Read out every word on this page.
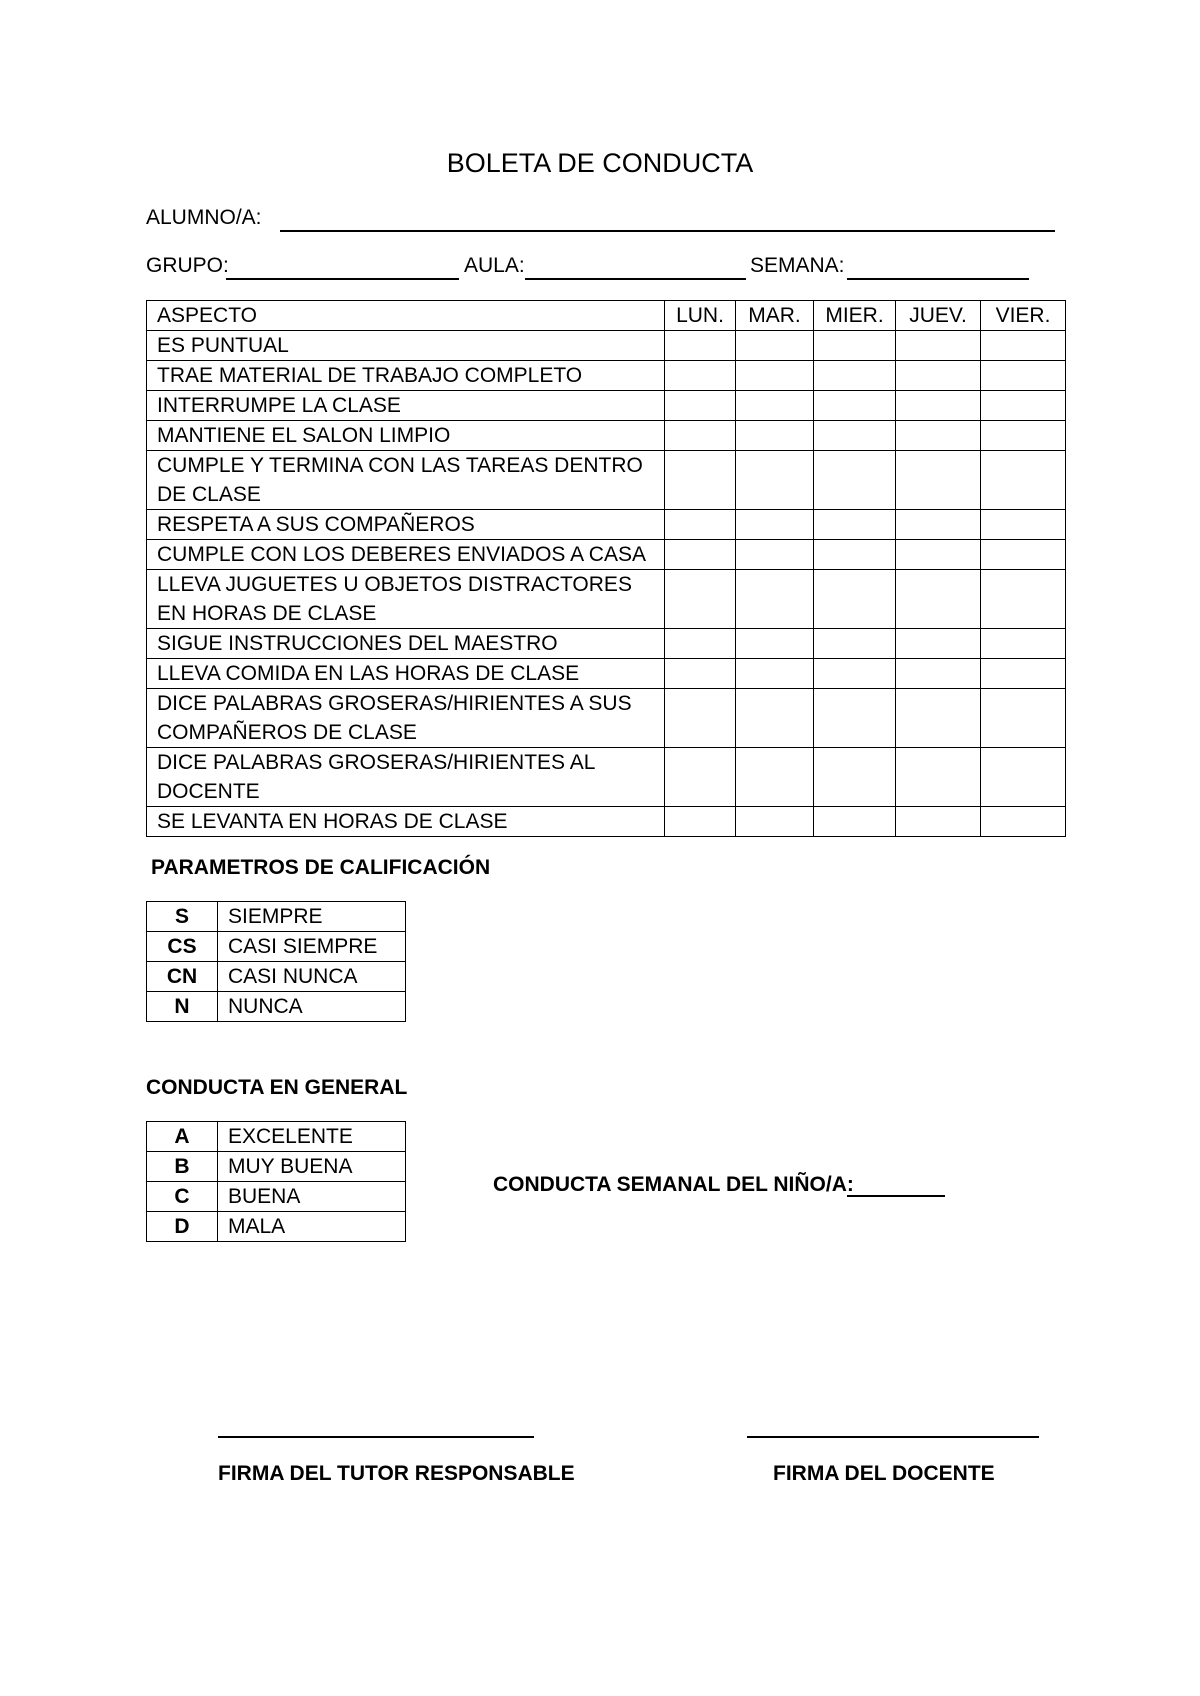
BOLETA DE CONDUCTA
ALUMNO/A:
GRUPO:	AULA:	SEMANA:
ASPECTO	LUN.	MAR.	MIER.	JUEV.	VIER.
ES PUNTUAL					
TRAE MATERIAL DE TRABAJO COMPLETO					
INTERRUMPE LA CLASE					
MANTIENE EL SALON LIMPIO					
CUMPLE Y TERMINA CON LAS TAREAS DENTRO DE CLASE					
RESPETA A SUS COMPAÑEROS					
CUMPLE CON LOS DEBERES ENVIADOS A CASA					
LLEVA JUGUETES U OBJETOS DISTRACTORES EN HORAS DE CLASE					
SIGUE INSTRUCCIONES DEL MAESTRO					
LLEVA COMIDA EN LAS HORAS DE CLASE					
DICE PALABRAS GROSERAS/HIRIENTES A SUS COMPAÑEROS DE CLASE					
DICE PALABRAS GROSERAS/HIRIENTES AL DOCENTE					
SE LEVANTA EN HORAS DE CLASE					
PARAMETROS DE CALIFICACIÓN
S	SIEMPRE
CS	CASI SIEMPRE
CN	CASI NUNCA
N	NUNCA
CONDUCTA EN GENERAL
A	EXCELENTE
B	MUY BUENA
C	BUENA
D	MALA
CONDUCTA SEMANAL DEL NIÑO/A:
FIRMA DEL TUTOR RESPONSABLE	FIRMA DEL DOCENTE
